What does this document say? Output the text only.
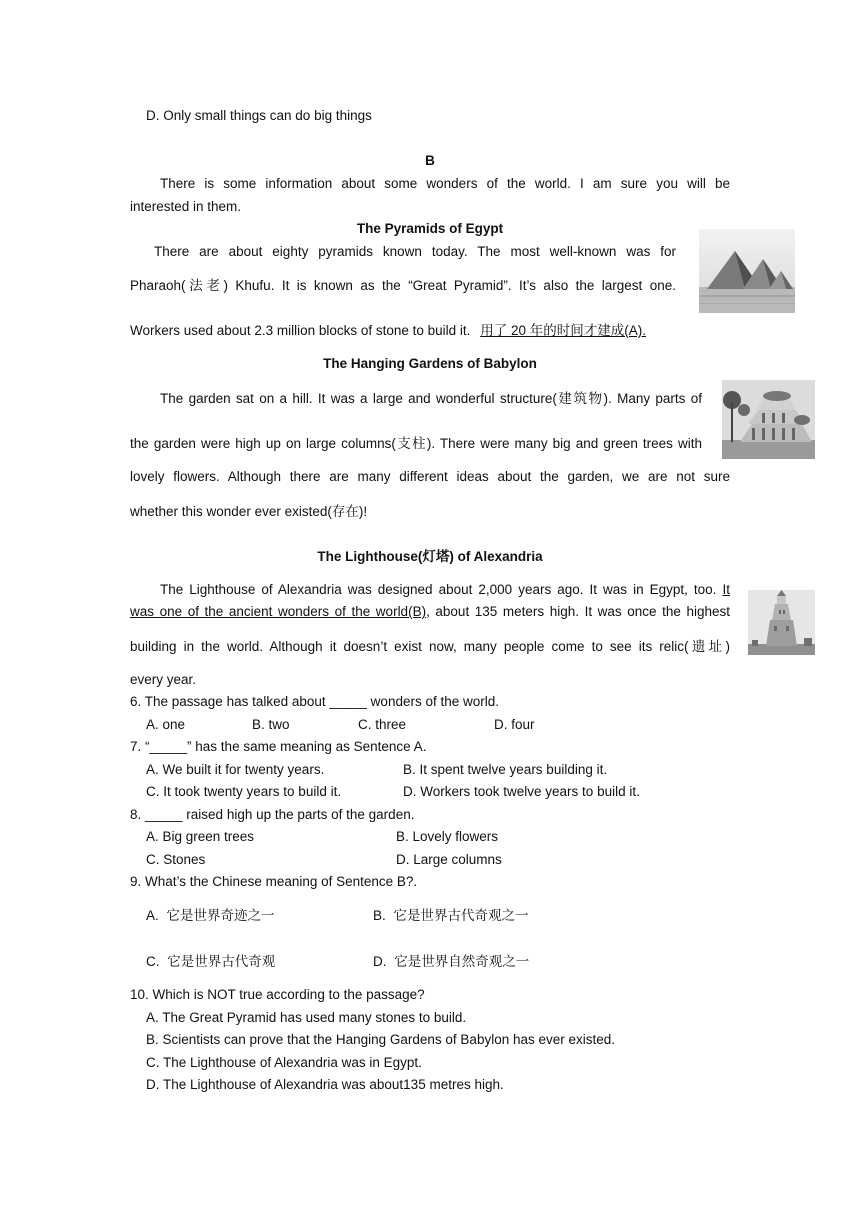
D. Only small things can do big things
B
There is some information about some wonders of the world. I am sure you will be
interested in them.
The Pyramids of Egypt
There are about eighty pyramids known today. The most well-known was for
Pharaoh(法老) Khufu. It is known as the “Great Pyramid”. It’s also the largest one.
Workers used about 2.3 million blocks of stone to build it. 用了 20 年的时间才建成(A).
The Hanging Gardens of Babylon
The garden sat on a hill. It was a large and wonderful structure(建筑物). Many parts of
the garden were high up on large columns(支柱). There were many big and green trees with
lovely flowers. Although there are many different ideas about the garden, we are not sure
whether this wonder ever existed(存在)!
The Lighthouse(灯塔) of Alexandria
The Lighthouse of Alexandria was designed about 2,000 years ago. It was in Egypt, too. It
was one of the ancient wonders of the world(B), about 135 meters high. It was once the highest
building in the world. Although it doesn’t exist now, many people come to see its relic(遗址)
every year.
6. The passage has talked about _____ wonders of the world.
A. one	B. two	C. three	D. four
7. “_____” has the same meaning as Sentence A.
A. We built it for twenty years.	B. It spent twelve years building it.
C. It took twenty years to build it.	D. Workers took twelve years to build it.
8. _____ raised high up the parts of the garden.
A. Big green trees	B. Lovely flowers
C. Stones	D. Large columns
9. What’s the Chinese meaning of Sentence B?.
A. 它是世界奇迹之一	B. 它是世界古代奇观之一
C. 它是世界古代奇观	D. 它是世界自然奇观之一
10. Which is NOT true according to the passage?
A. The Great Pyramid has used many stones to build.
B. Scientists can prove that the Hanging Gardens of Babylon has ever existed.
C. The Lighthouse of Alexandria was in Egypt.
D. The Lighthouse of Alexandria was about135 metres high.
